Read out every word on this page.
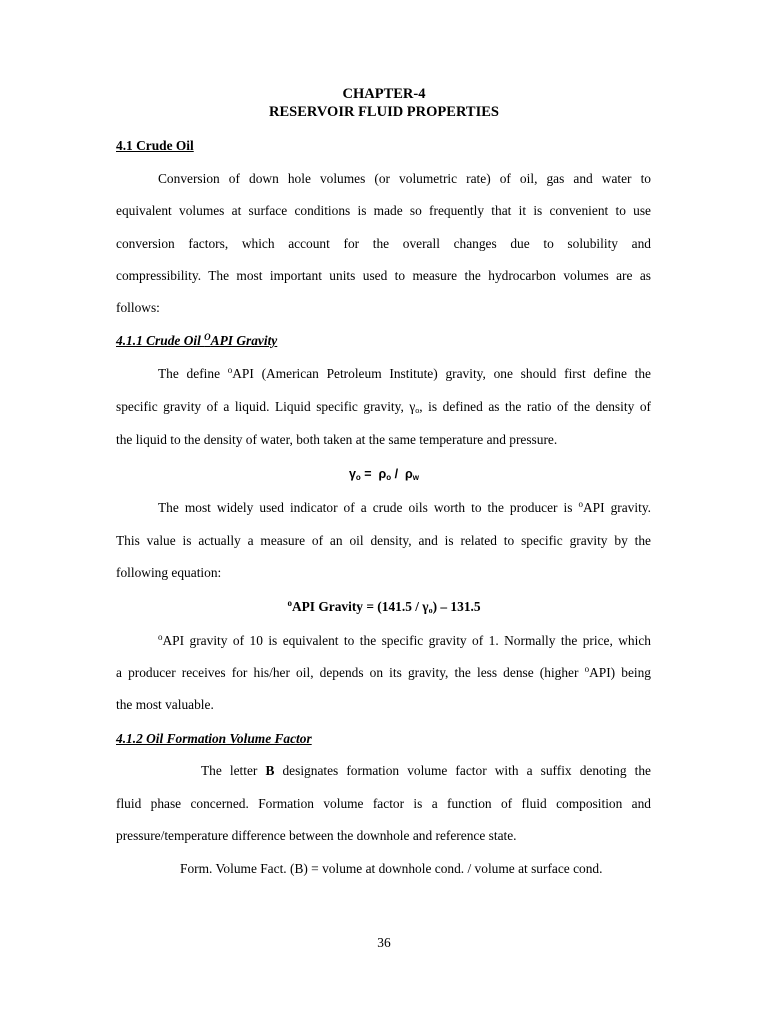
CHAPTER-4
RESERVOIR FLUID PROPERTIES
4.1 Crude Oil
Conversion of down hole volumes (or volumetric rate) of oil, gas and water to
equivalent volumes at surface conditions is made so frequently that it is convenient to use
conversion factors, which account for the overall changes due to solubility and
compressibility. The most important units used to measure the hydrocarbon volumes are as
follows:
4.1.1 Crude Oil $^O$API Gravity
The define $^o$API (American Petroleum Institute) gravity, one should first define the
specific gravity of a liquid. Liquid specific gravity, $\gamma_o$, is defined as the ratio of the density of
the liquid to the density of water, both taken at the same temperature and pressure.
$\gamma_o = \rho_o / \rho_w$
The most widely used indicator of a crude oils worth to the producer is $^o$API gravity.
This value is actually a measure of an oil density, and is related to specific gravity by the
following equation:
$^o$API Gravity = $(141.5 / \gamma_o) - 131.5$
$^o$API gravity of 10 is equivalent to the specific gravity of 1. Normally the price, which
a producer receives for his/her oil, depends on its gravity, the less dense (higher $^o$API) being
the most valuable.
4.1.2 Oil Formation Volume Factor
The letter B designates formation volume factor with a suffix denoting the
fluid phase concerned. Formation volume factor is a function of fluid composition and
pressure/temperature difference between the downhole and reference state.
Form. Volume Fact. (B) = volume at downhole cond. / volume at surface cond.
36
